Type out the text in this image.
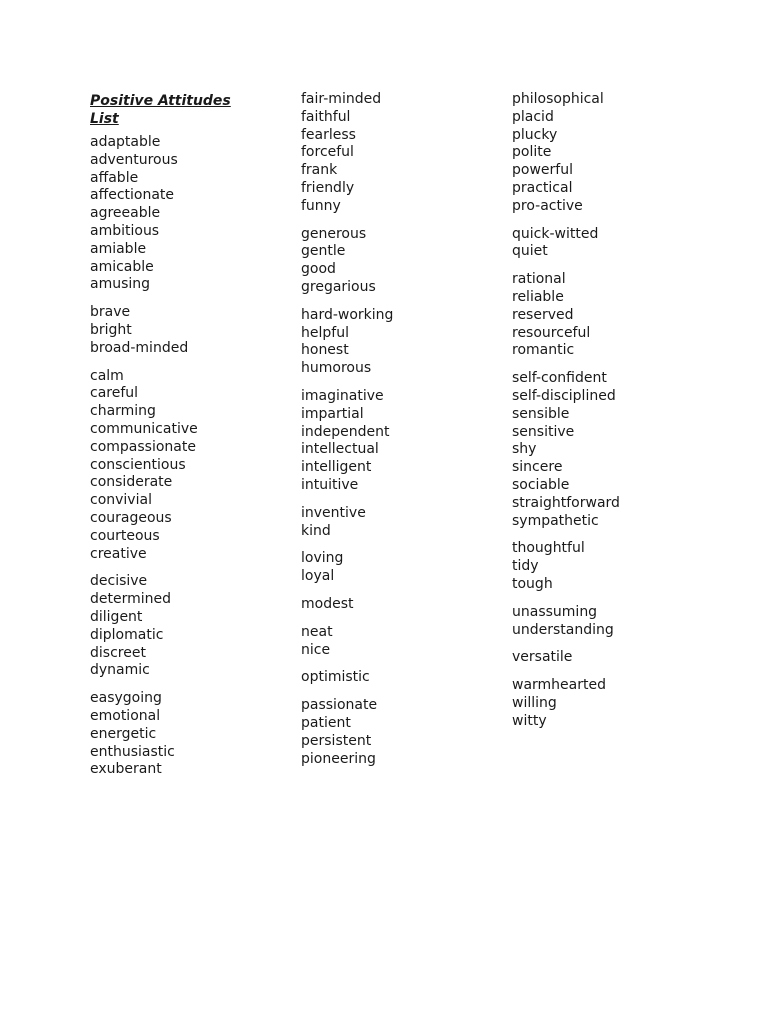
Positive Attitudes
List
adaptable
adventurous
affable
affectionate
agreeable
ambitious
amiable
amicable
amusing
brave
bright
broad-minded
calm
careful
charming
communicative
compassionate
conscientious
considerate
convivial
courageous
courteous
creative
decisive
determined
diligent
diplomatic
discreet
dynamic
easygoing
emotional
energetic
enthusiastic
exuberant
fair-minded
faithful
fearless
forceful
frank
friendly
funny
generous
gentle
good
gregarious
hard-working
helpful
honest
humorous
imaginative
impartial
independent
intellectual
intelligent
intuitive
inventive
kind
loving
loyal
modest
neat
nice
optimistic
passionate
patient
persistent
pioneering
philosophical
placid
plucky
polite
powerful
practical
pro-active
quick-witted
quiet
rational
reliable
reserved
resourceful
romantic
self-confident
self-disciplined
sensible
sensitive
shy
sincere
sociable
straightforward
sympathetic
thoughtful
tidy
tough
unassuming
understanding
versatile
warmhearted
willing
witty
